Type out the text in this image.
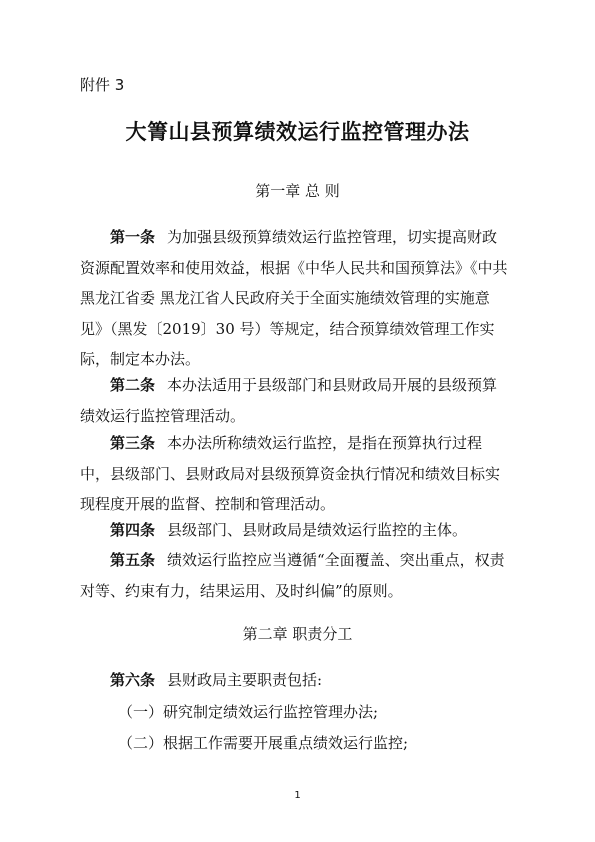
附件 3
大箐山县预算绩效运行监控管理办法
第一章 总 则

第一条 为加强县级预算绩效运行监控管理，切实提高财政资源配置效率和使用效益，根据《中华人民共和国预算法》《中共黑龙江省委 黑龙江省人民政府关于全面实施绩效管理的实施意见》（黑发〔2019〕30 号）等规定，结合预算绩效管理工作实际，制定本办法。

第二条 本办法适用于县级部门和县财政局开展的县级预算绩效运行监控管理活动。

第三条 本办法所称绩效运行监控，是指在预算执行过程中，县级部门、县财政局对县级预算资金执行情况和绩效目标实现程度开展的监督、控制和管理活动。

第四条 县级部门、县财政局是绩效运行监控的主体。

第五条 绩效运行监控应当遵循“全面覆盖、突出重点，权责对等、约束有力，结果运用、及时纠偏”的原则。

第二章 职责分工

第六条 县财政局主要职责包括:

（一）研究制定绩效运行监控管理办法;
（二）根据工作需要开展重点绩效运行监控;
1
